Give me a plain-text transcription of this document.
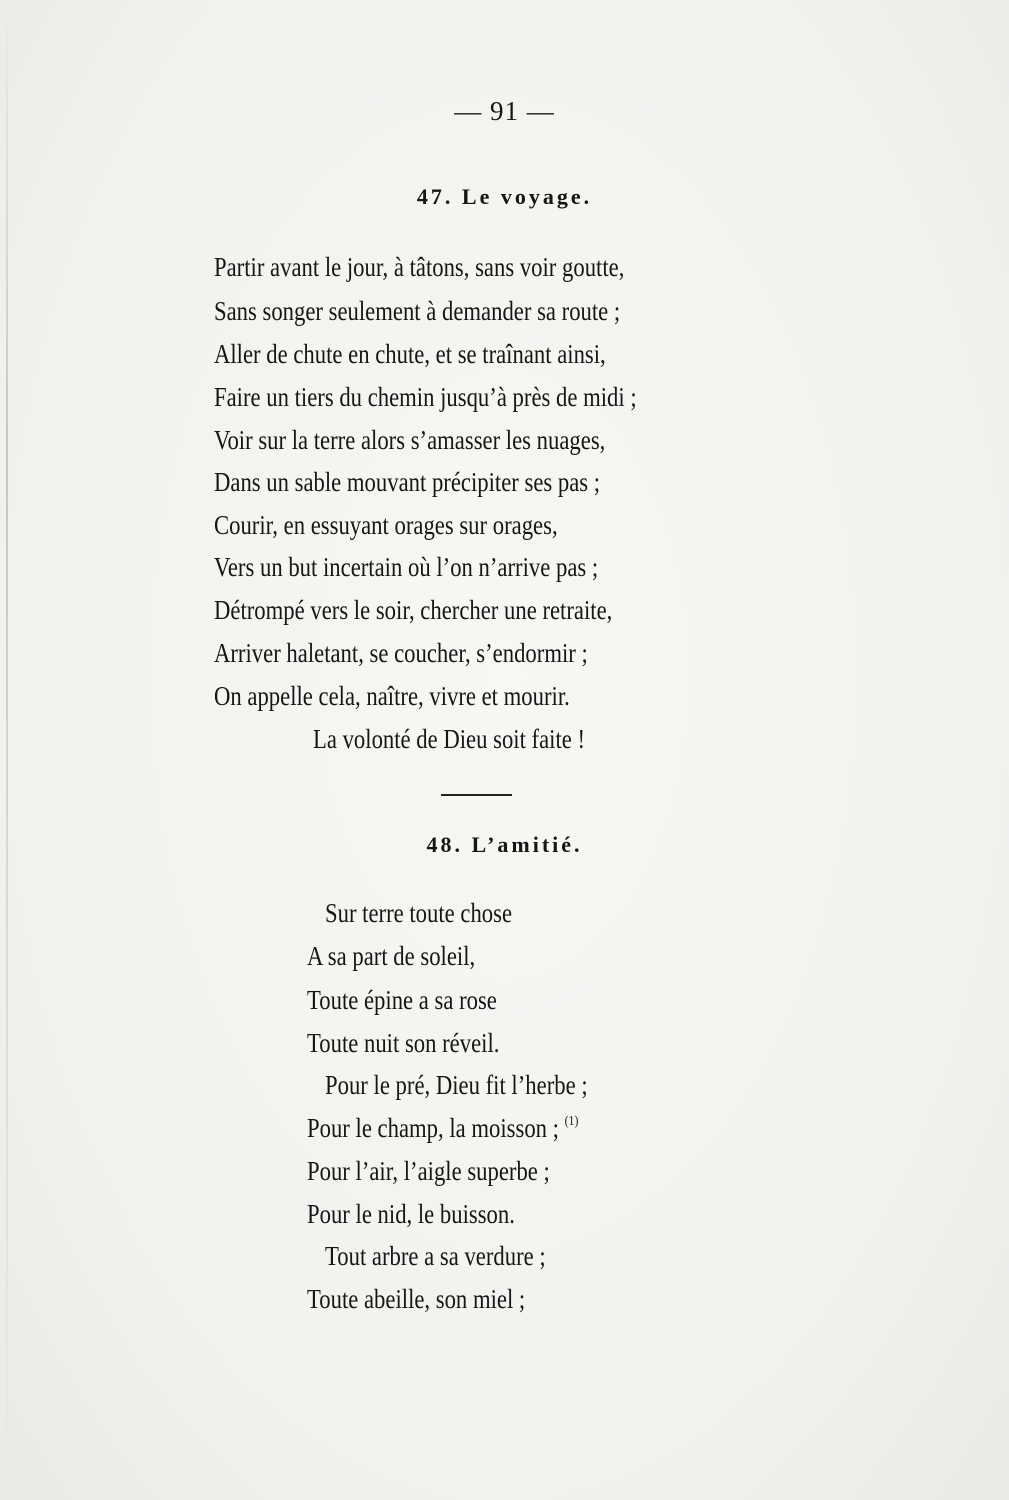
— 91 —
47. Le voyage.
Partir avant le jour, à tâtons, sans voir goutte,
Sans songer seulement à demander sa route ;
Aller de chute en chute, et se traînant ainsi,
Faire un tiers du chemin jusqu’à près de midi ;
Voir sur la terre alors s’amasser les nuages,
Dans un sable mouvant précipiter ses pas ;
Courir, en essuyant orages sur orages,
Vers un but incertain où l’on n’arrive pas ;
Détrompé vers le soir, chercher une retraite,
Arriver haletant, se coucher, s’endormir ;
On appelle cela, naître, vivre et mourir.
La volonté de Dieu soit faite !
48. L’amitié.
Sur terre toute chose
A sa part de soleil,
Toute épine a sa rose
Toute nuit son réveil.
Pour le pré, Dieu fit l’herbe ;
Pour le champ, la moisson ; $^{(1)}$
Pour l’air, l’aigle superbe ;
Pour le nid, le buisson.
Tout arbre a sa verdure ;
Toute abeille, son miel ;
